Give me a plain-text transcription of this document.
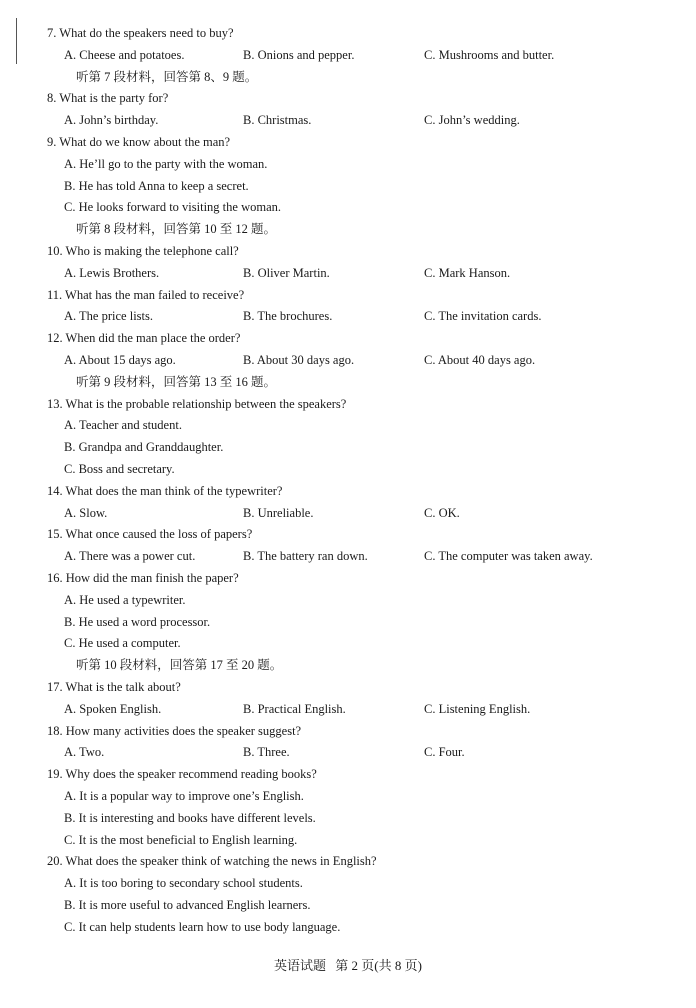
7. What do the speakers need to buy?
A. Cheese and potatoes.	B. Onions and pepper.	C. Mushrooms and butter.
听第 7 段材料，回答第 8、9 题。
8. What is the party for?
A. John’s birthday.	B. Christmas.	C. John’s wedding.
9. What do we know about the man?
A. He’ll go to the party with the woman.
B. He has told Anna to keep a secret.
C. He looks forward to visiting the woman.
听第 8 段材料，回答第 10 至 12 题。
10. Who is making the telephone call?
A. Lewis Brothers.	B. Oliver Martin.	C. Mark Hanson.
11. What has the man failed to receive?
A. The price lists.	B. The brochures.	C. The invitation cards.
12. When did the man place the order?
A. About 15 days ago.	B. About 30 days ago.	C. About 40 days ago.
听第 9 段材料，回答第 13 至 16 题。
13. What is the probable relationship between the speakers?
A. Teacher and student.
B. Grandpa and Granddaughter.
C. Boss and secretary.
14. What does the man think of the typewriter?
A. Slow.	B. Unreliable.	C. OK.
15. What once caused the loss of papers?
A. There was a power cut.	B. The battery ran down.	C. The computer was taken away.
16. How did the man finish the paper?
A. He used a typewriter.
B. He used a word processor.
C. He used a computer.
听第 10 段材料，回答第 17 至 20 题。
17. What is the talk about?
A. Spoken English.	B. Practical English.	C. Listening English.
18. How many activities does the speaker suggest?
A. Two.	B. Three.	C. Four.
19. Why does the speaker recommend reading books?
A. It is a popular way to improve one’s English.
B. It is interesting and books have different levels.
C. It is the most beneficial to English learning.
20. What does the speaker think of watching the news in English?
A. It is too boring to secondary school students.
B. It is more useful to advanced English learners.
C. It can help students learn how to use body language.
英语试题 第 2 页(共 8 页)
